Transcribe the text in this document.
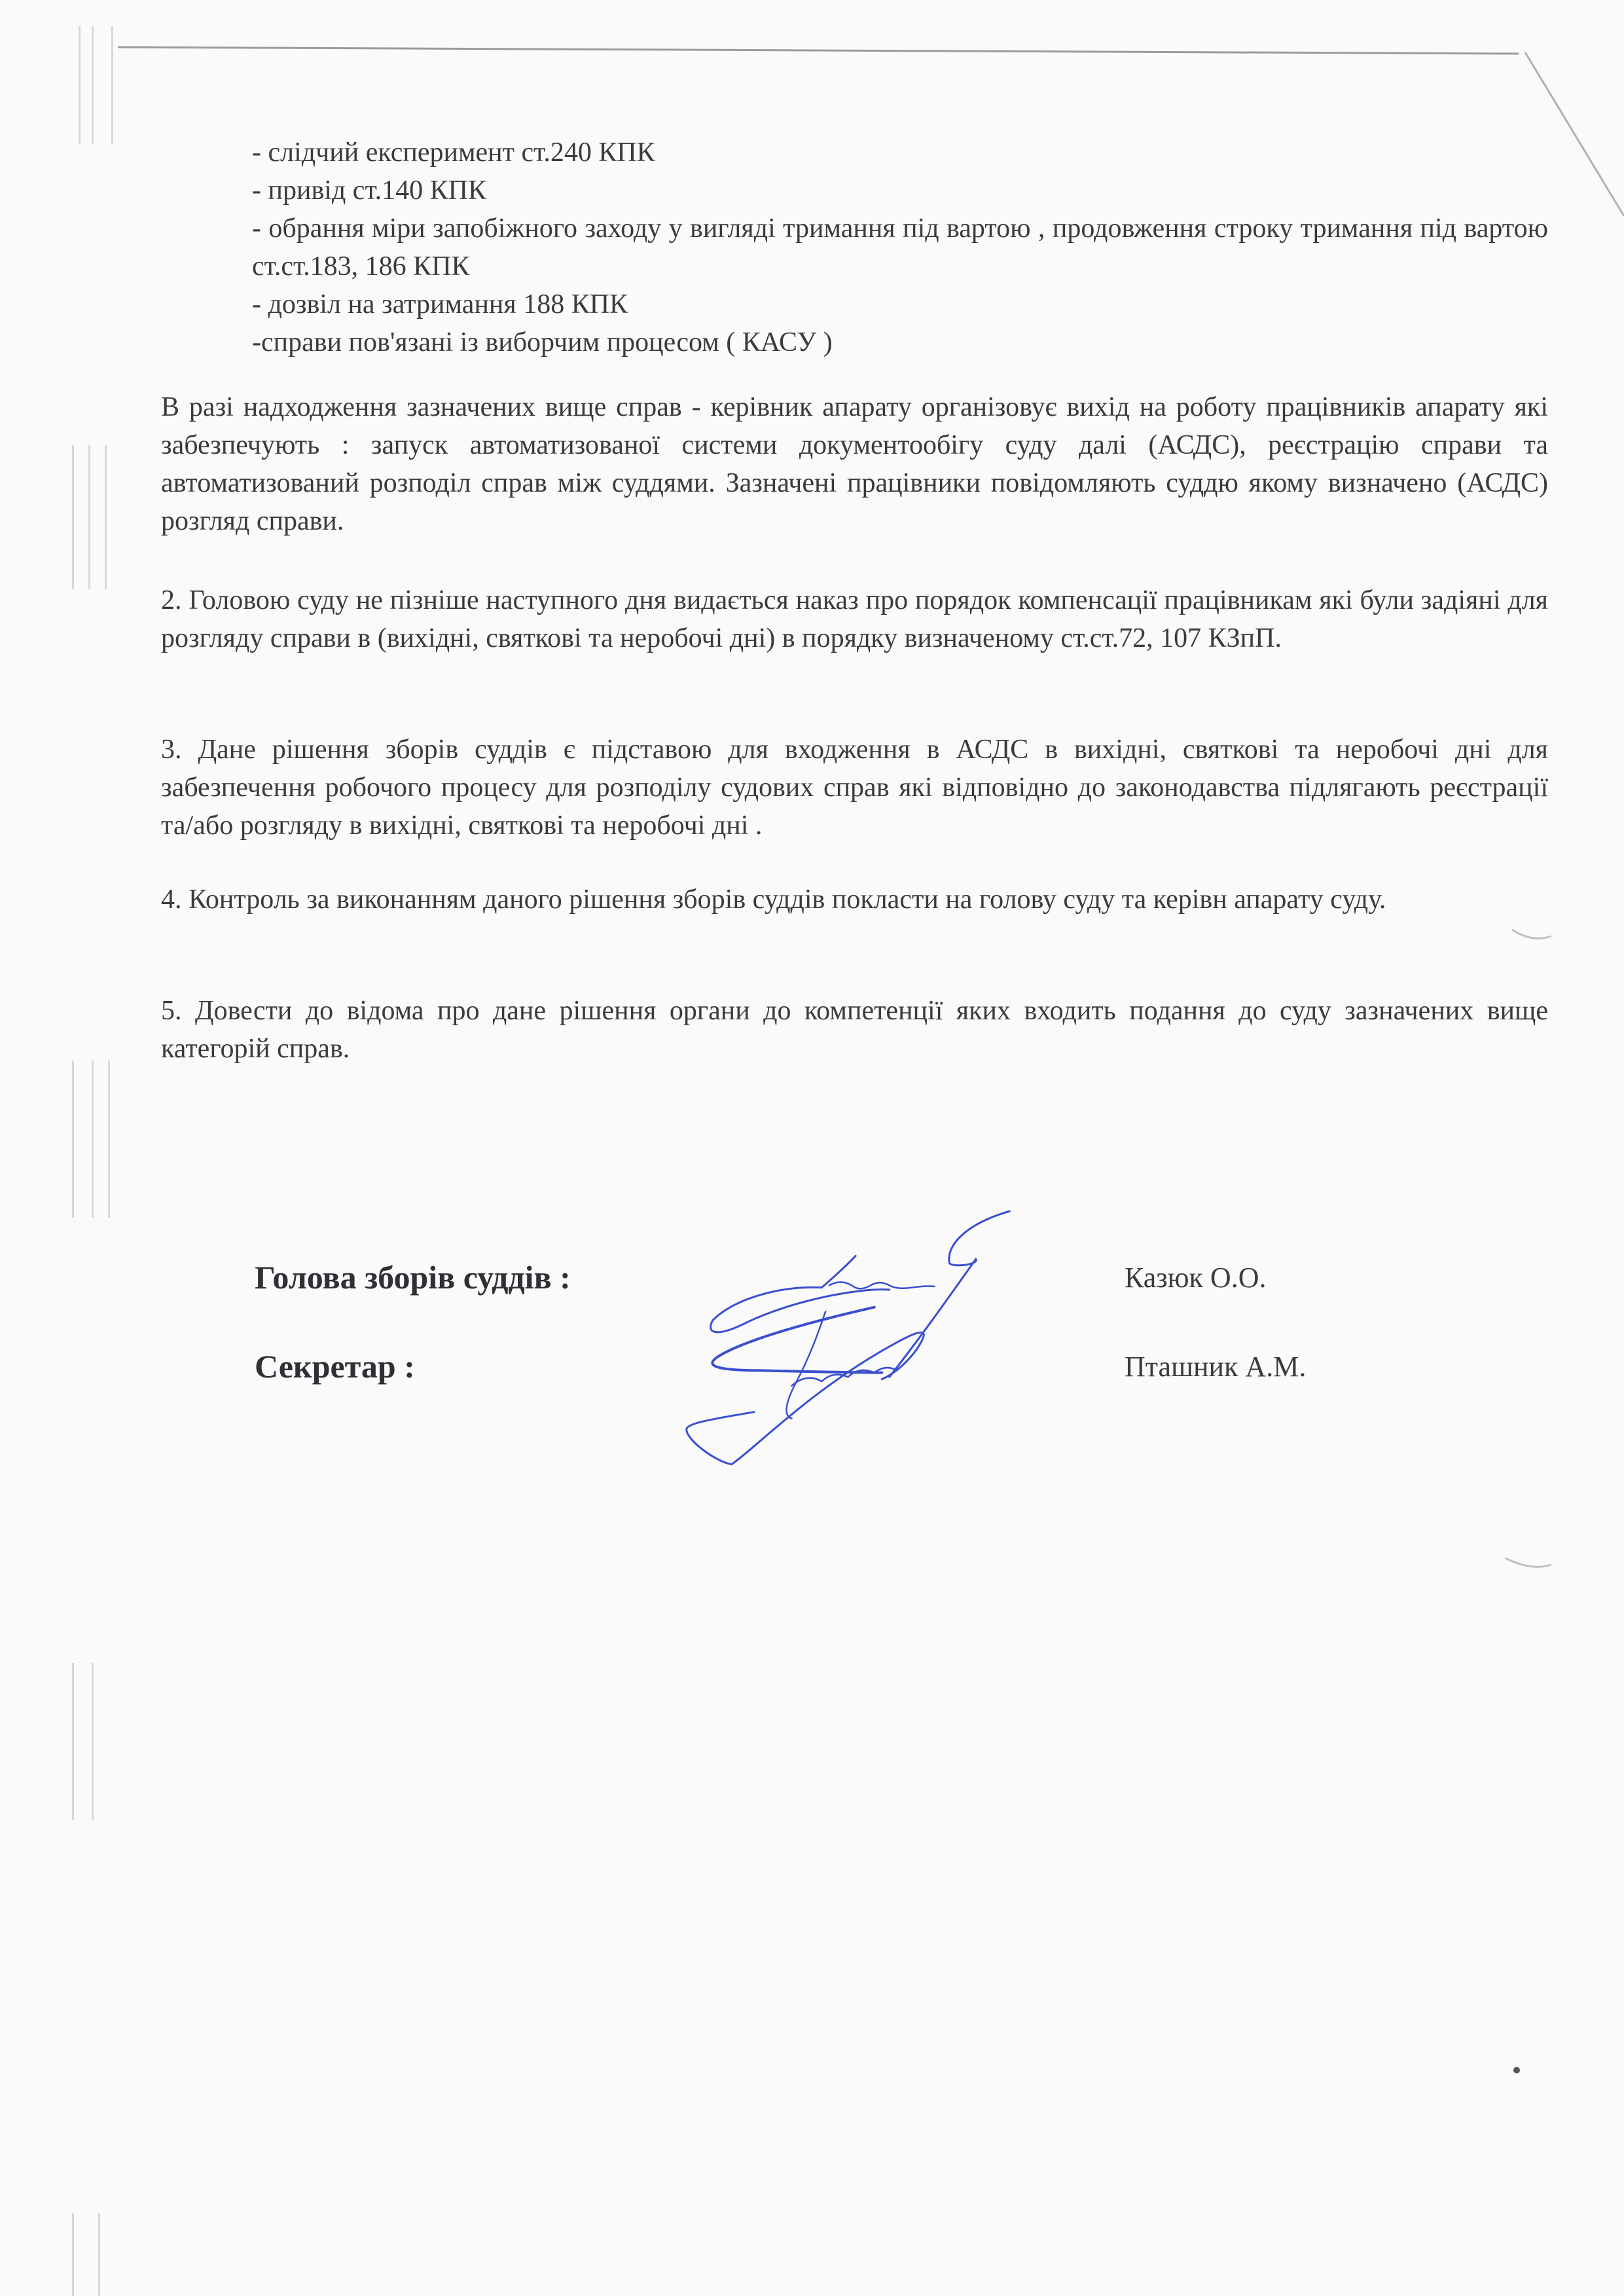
- слідчий експеримент ст.240 КПК
- привід ст.140 КПК
- обрання міри запобіжного заходу у вигляді тримання під вартою , продовження строку тримання під вартою ст.ст.183, 186 КПК
- дозвіл на затримання 188 КПК
-справи пов'язані із виборчим процесом ( КАСУ )
В разі надходження зазначених вище справ - керівник апарату організовує вихід на роботу працівників апарату які забезпечують : запуск автоматизованої системи документообігу суду далі (АСДС), реєстрацію справи та автоматизований розподіл справ між суддями. Зазначені працівники повідомляють суддю якому визначено (АСДС) розгляд справи.
2. Головою суду не пізніше наступного дня видається наказ про порядок компенсації працівникам які були задіяні для розгляду справи в (вихідні, святкові та неробочі дні) в порядку визначеному ст.ст.72, 107 КЗпП.
3. Дане рішення зборів суддів є підставою для входження в АСДС в вихідні, святкові та неробочі дні для забезпечення робочого процесу для розподілу судових справ які відповідно до законодавства підлягають реєстрації та/або розгляду в вихідні, святкові та неробочі дні .
4. Контроль за виконанням даного рішення зборів суддів покласти на голову суду та керівн апарату суду.
5. Довести до відома про дане рішення органи до компетенції яких входить подання до суду зазначених вище категорій справ.
Голова зборів суддів :	Казюк О.О.
Секретар :	Пташник А.М.
